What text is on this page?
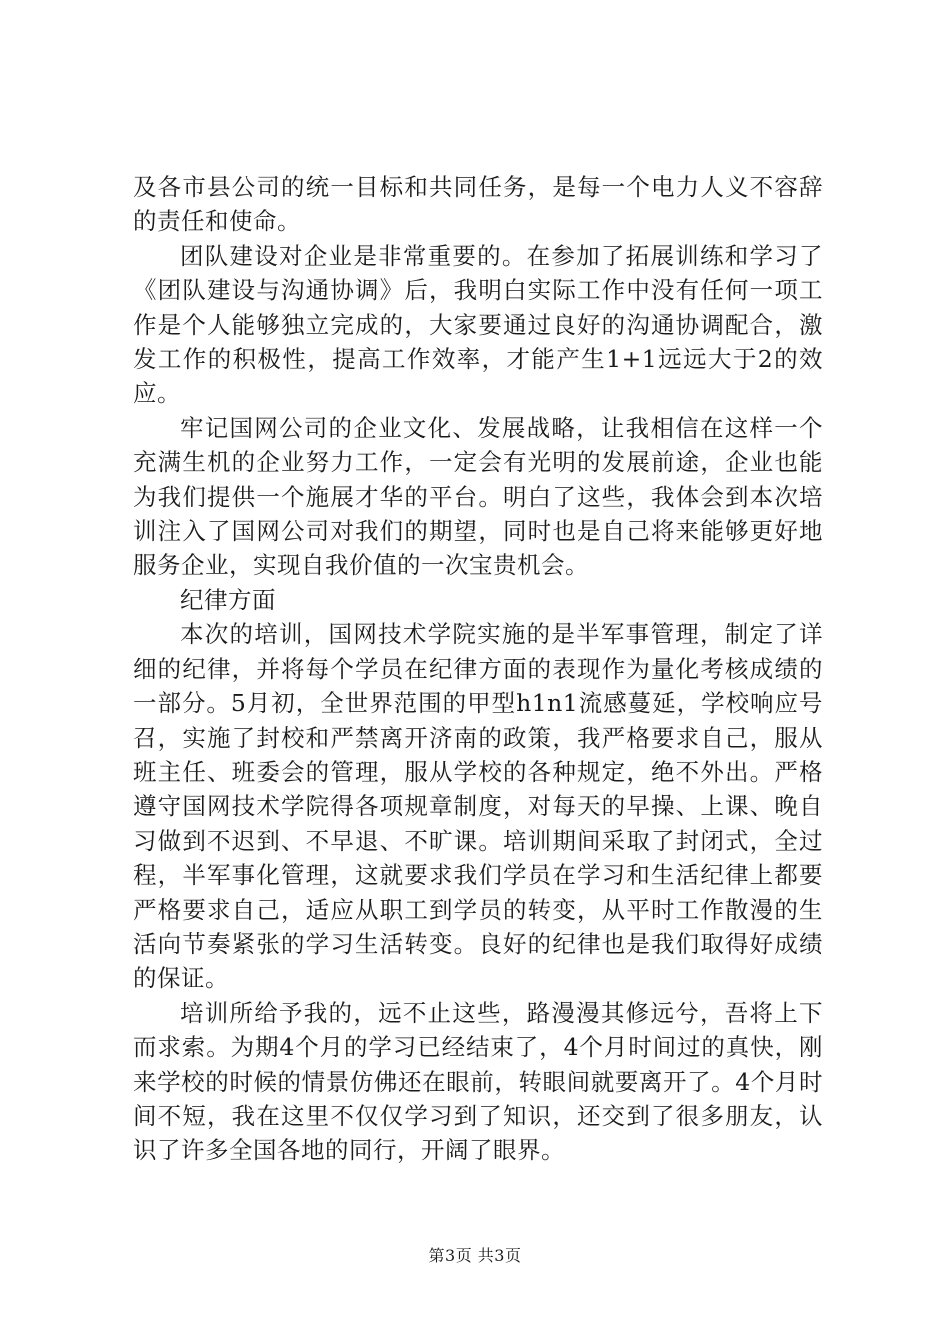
及各市县公司的统一目标和共同任务，是每一个电力人义不容辞的责任和使命。

团队建设对企业是非常重要的。在参加了拓展训练和学习了《团队建设与沟通协调》后，我明白实际工作中没有任何一项工作是个人能够独立完成的，大家要通过良好的沟通协调配合，激发工作的积极性，提高工作效率，才能产生1+1远远大于2的效应。

牢记国网公司的企业文化、发展战略，让我相信在这样一个充满生机的企业努力工作，一定会有光明的发展前途，企业也能为我们提供一个施展才华的平台。明白了这些，我体会到本次培训注入了国网公司对我们的期望，同时也是自己将来能够更好地服务企业，实现自我价值的一次宝贵机会。

纪律方面

本次的培训，国网技术学院实施的是半军事管理，制定了详细的纪律，并将每个学员在纪律方面的表现作为量化考核成绩的一部分。5月初，全世界范围的甲型h1n1流感蔓延，学校响应号召，实施了封校和严禁离开济南的政策，我严格要求自己，服从班主任、班委会的管理，服从学校的各种规定，绝不外出。严格遵守国网技术学院得各项规章制度，对每天的早操、上课、晚自习做到不迟到、不早退、不旷课。培训期间采取了封闭式，全过程，半军事化管理，这就要求我们学员在学习和生活纪律上都要严格要求自己，适应从职工到学员的转变，从平时工作散漫的生活向节奏紧张的学习生活转变。良好的纪律也是我们取得好成绩的保证。

培训所给予我的，远不止这些，路漫漫其修远兮，吾将上下而求索。为期4个月的学习已经结束了，4个月时间过的真快，刚来学校的时候的情景仿佛还在眼前，转眼间就要离开了。4个月时间不短，我在这里不仅仅学习到了知识，还交到了很多朋友，认识了许多全国各地的同行，开阔了眼界。

第3页 共3页
